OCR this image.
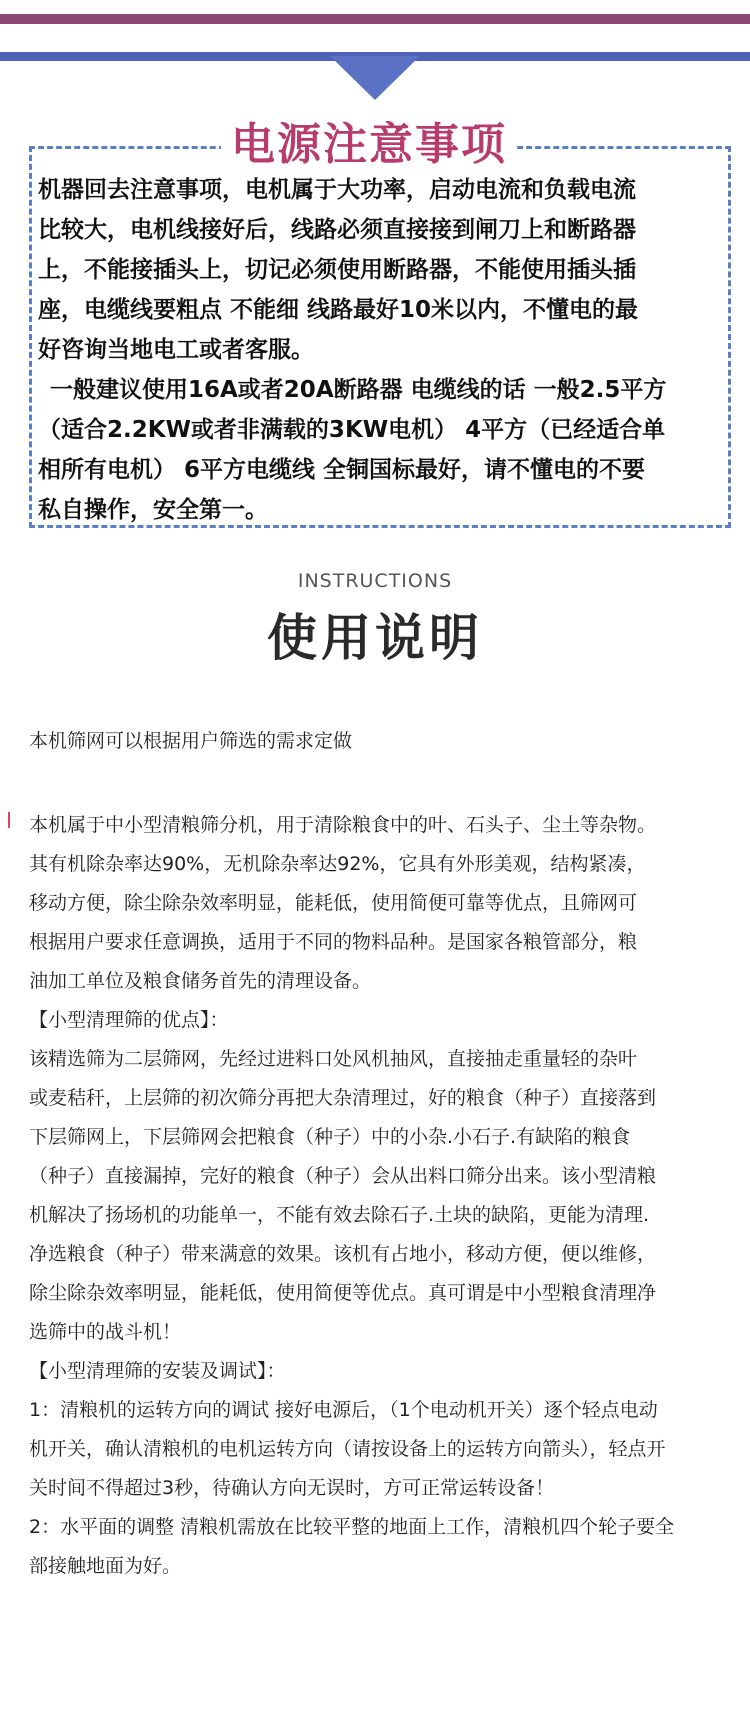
电源注意事项

机器回去注意事项，电机属于大功率，启动电流和负载电流

比较大，电机线接好后，线路必须直接接到闸刀上和断路器

上，不能接插头上，切记必须使用断路器，不能使用插头插

座，电缆线要粗点 不能细 线路最好10米以内，不懂电的最

好咨询当地电工或者客服。

一般建议使用16A或者20A断路器 电缆线的话 一般2.5平方

（适合2.2KW或者非满载的3KW电机） 4平方（已经适合单

相所有电机） 6平方电缆线 全铜国标最好，请不懂电的不要

私自操作，安全第一。

INSTRUCTIONS
使用说明
本机筛网可以根据用户筛选的需求定做

本机属于中小型清粮筛分机，用于清除粮食中的叶、石头子、尘土等杂物。

其有机除杂率达90%，无机除杂率达92%，它具有外形美观，结构紧凑，

移动方便，除尘除杂效率明显，能耗低，使用简便可靠等优点，且筛网可

根据用户要求任意调换，适用于不同的物料品种。是国家各粮管部分，粮

油加工单位及粮食储务首先的清理设备。

【小型清理筛的优点】：

该精选筛为二层筛网，先经过进料口处风机抽风，直接抽走重量轻的杂叶

或麦秸秆，上层筛的初次筛分再把大杂清理过，好的粮食（种子）直接落到

下层筛网上，下层筛网会把粮食（种子）中的小杂.小石子.有缺陷的粮食

（种子）直接漏掉，完好的粮食（种子）会从出料口筛分出来。该小型清粮

机解决了扬场机的功能单一，不能有效去除石子.土块的缺陷，更能为清理.

净选粮食（种子）带来满意的效果。该机有占地小，移动方便，便以维修，

除尘除杂效率明显，能耗低，使用简便等优点。真可谓是中小型粮食清理净

选筛中的战斗机！

【小型清理筛的安装及调试】：

1：清粮机的运转方向的调试 接好电源后，（1个电动机开关）逐个轻点电动

机开关，确认清粮机的电机运转方向（请按设备上的运转方向箭头），轻点开

关时间不得超过3秒，待确认方向无误时，方可正常运转设备！

2：水平面的调整 清粮机需放在比较平整的地面上工作，清粮机四个轮子要全

部接触地面为好。
